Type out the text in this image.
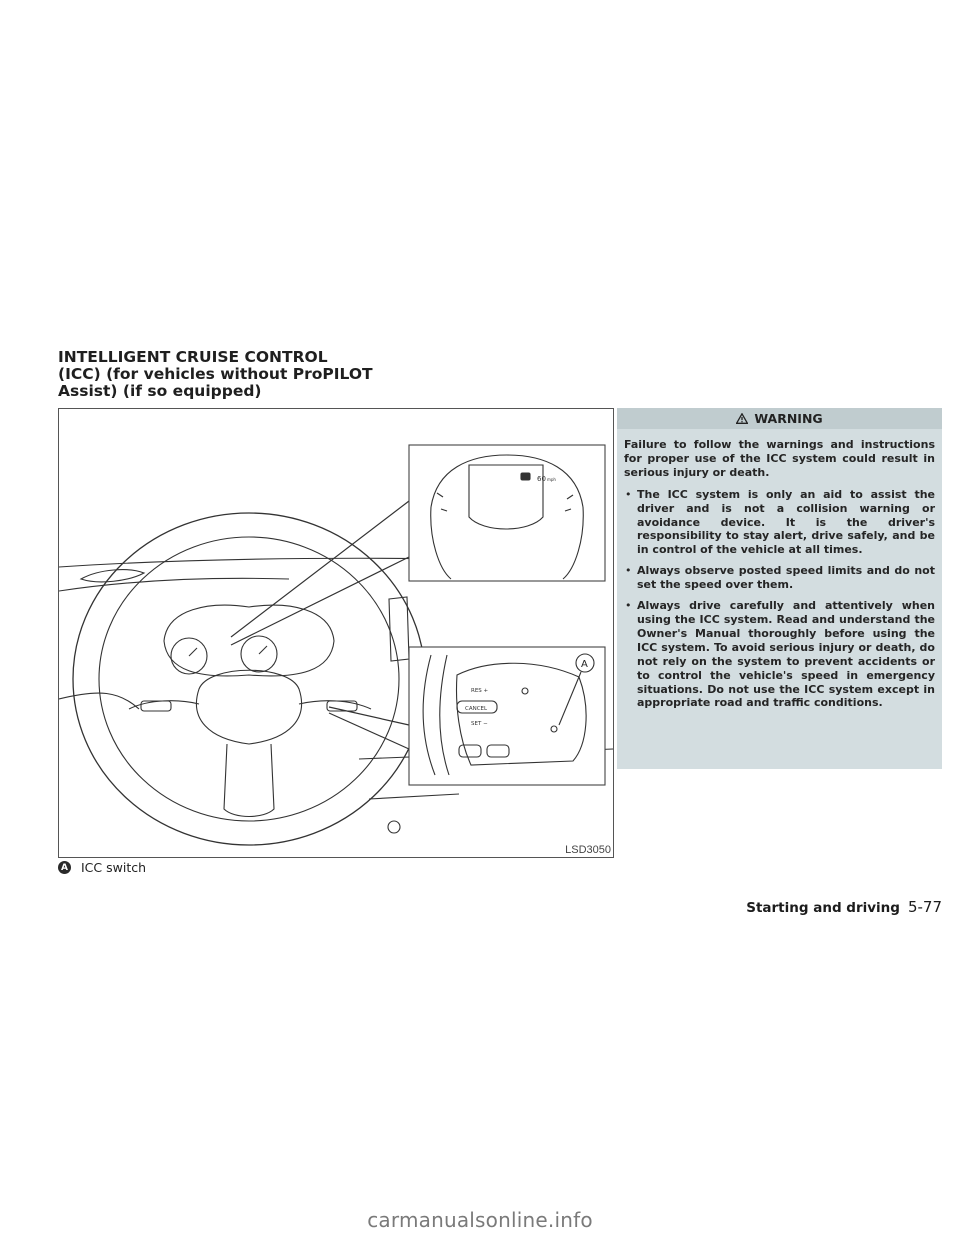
INTELLIGENT CRUISE CONTROL
(ICC) (for vehicles without ProPILOT
Assist) (if so equipped)
60 mph
RES +
CANCEL
SET −
A
LSD3050
A ICC switch
WARNING

Failure to follow the warnings and instructions for proper use of the ICC system could result in serious injury or death.

• The ICC system is only an aid to assist the driver and is not a collision warning or avoidance device. It is the driver's responsibility to stay alert, drive safely, and be in control of the vehicle at all times.
• Always observe posted speed limits and do not set the speed over them.
• Always drive carefully and attentively when using the ICC system. Read and understand the Owner's Manual thoroughly before using the ICC system. To avoid serious injury or death, do not rely on the system to prevent accidents or to control the vehicle's speed in emergency situations. Do not use the ICC system except in appropriate road and traffic conditions.
Starting and driving 5-77
carmanualsonline.info
